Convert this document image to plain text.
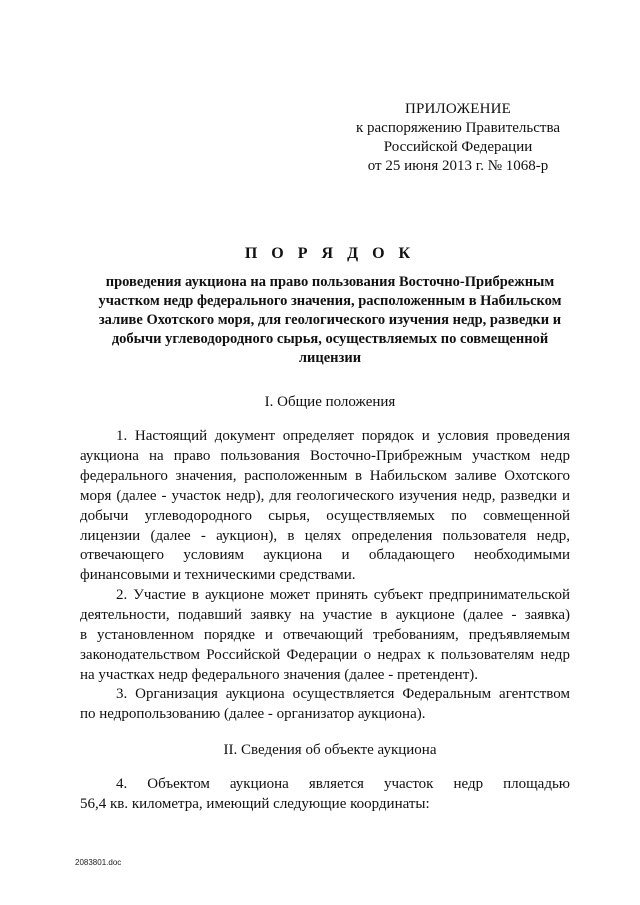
ПРИЛОЖЕНИЕ
к распоряжению Правительства
Российской Федерации
от 25 июня 2013 г. № 1068-р
П О Р Я Д О К
проведения аукциона на право пользования Восточно-Прибрежным участком недр федерального значения, расположенным в Набильском заливе Охотского моря, для геологического изучения недр, разведки и добычи углеводородного сырья, осуществляемых по совмещенной лицензии
I. Общие положения

1. Настоящий документ определяет порядок и условия проведения
аукциона на право пользования Восточно-Прибрежным участком недр
федерального значения, расположенным в Набильском заливе Охотского
моря (далее - участок недр), для геологического изучения недр, разведки и
добычи углеводородного сырья, осуществляемых по совмещенной
лицензии (далее - аукцион), в целях определения пользователя недр,
отвечающего условиям аукциона и обладающего необходимыми
финансовыми и техническими средствами.

2. Участие в аукционе может принять субъект предпринимательской
деятельности, подавший заявку на участие в аукционе (далее - заявка)
в установленном порядке и отвечающий требованиям, предъявляемым
законодательством Российской Федерации о недрах к пользователям недр
на участках недр федерального значения (далее - претендент).

3. Организация аукциона осуществляется Федеральным агентством
по недропользованию (далее - организатор аукциона).

II. Сведения об объекте аукциона

4. Объектом аукциона является участок недр площадью
56,4 кв. километра, имеющий следующие координаты:

2083801.doc
